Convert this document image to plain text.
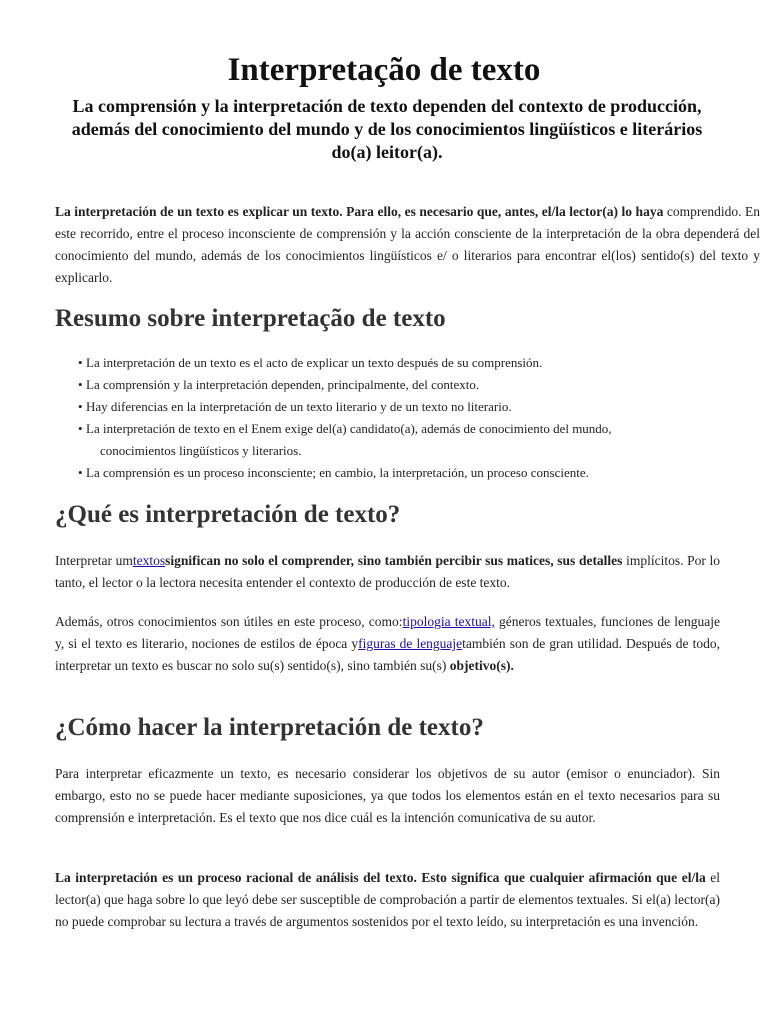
Interpretação de texto

La comprensión y la interpretación de texto dependen del contexto de producción, además del conocimiento del mundo y de los conocimientos lingüísticos e literários do(a) leitor(a).

La interpretación de un texto es explicar un texto. Para ello, es necesario que, antes, el/la lector(a) lo haya comprendido. En este recorrido, entre el proceso inconsciente de comprensión y la acción consciente de la interpretación de la obra dependerá del conocimiento del mundo, además de los conocimientos lingüísticos e/ o literarios para encontrar el(los) sentido(s) del texto y explicarlo.

Resumo sobre interpretação de texto
• La interpretación de un texto es el acto de explicar un texto después de su comprensión.
• La comprensión y la interpretación dependen, principalmente, del contexto.
• Hay diferencias en la interpretación de un texto literario y de un texto no literario.
• La interpretación de texto en el Enem exige del(a) candidato(a), además de conocimiento del mundo,
conocimientos lingüísticos y literarios.
• La comprensión es un proceso inconsciente; en cambio, la interpretación, un proceso consciente.
¿Qué es interpretación de texto?

Interpretar umtextossignifican no solo el comprender, sino también percibir sus matices, sus detalles implícitos. Por lo tanto, el lector o la lectora necesita entender el contexto de producción de este texto.

Además, otros conocimientos son útiles en este proceso, como:tipologia textual, géneros textuales, funciones de lenguaje y, si el texto es literario, nociones de estilos de época yfiguras de lenguajetambién son de gran utilidad. Después de todo, interpretar un texto es buscar no solo su(s) sentido(s), sino también su(s) objetivo(s).

¿Cómo hacer la interpretación de texto?

Para interpretar eficazmente un texto, es necesario considerar los objetivos de su autor (emisor o enunciador). Sin embargo, esto no se puede hacer mediante suposiciones, ya que todos los elementos están en el texto necesarios para su comprensión e interpretación. Es el texto que nos dice cuál es la intención comunicativa de su autor.

La interpretación es un proceso racional de análisis del texto. Esto significa que cualquier afirmación que el/la el lector(a) que haga sobre lo que leyó debe ser susceptible de comprobación a partir de elementos textuales. Si el(a) lector(a) no puede comprobar su lectura a través de argumentos sostenidos por el texto leído, su interpretación es una invención.
